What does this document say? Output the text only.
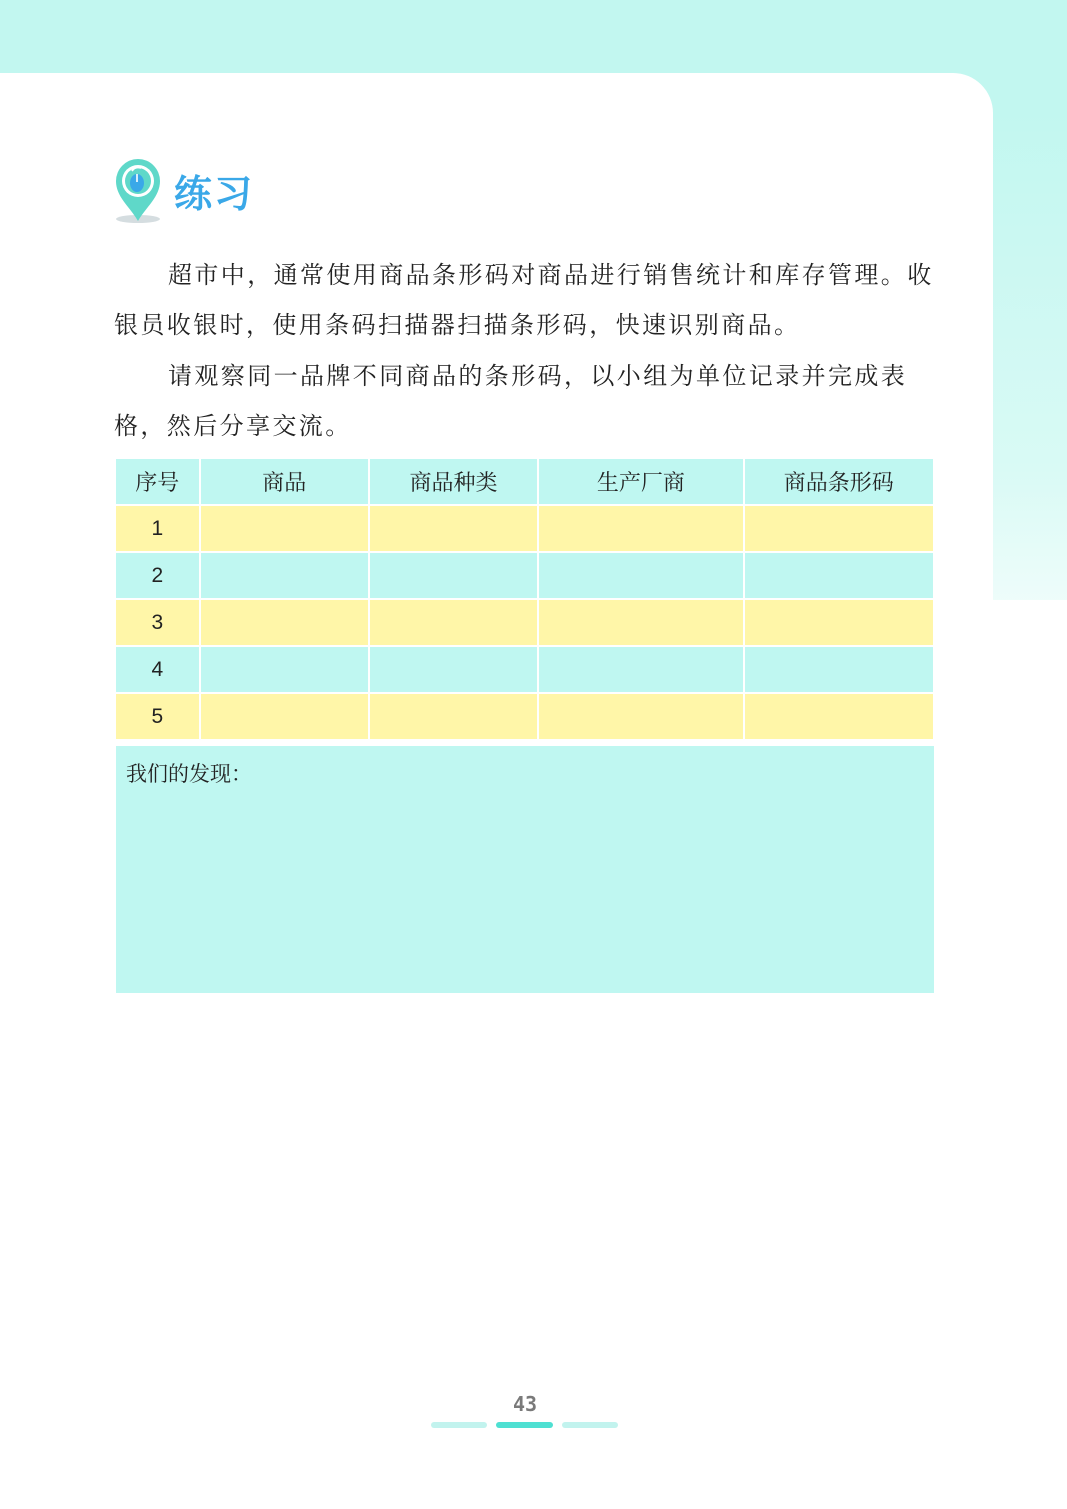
练习
超市中，通常使用商品条形码对商品进行销售统计和库存管理。收银员收银时，使用条码扫描器扫描条形码，快速识别商品。
请观察同一品牌不同商品的条形码，以小组为单位记录并完成表格，然后分享交流。
序号	商品	商品种类	生产厂商	商品条形码
1				
2				
3				
4				
5				
我们的发现：
43
